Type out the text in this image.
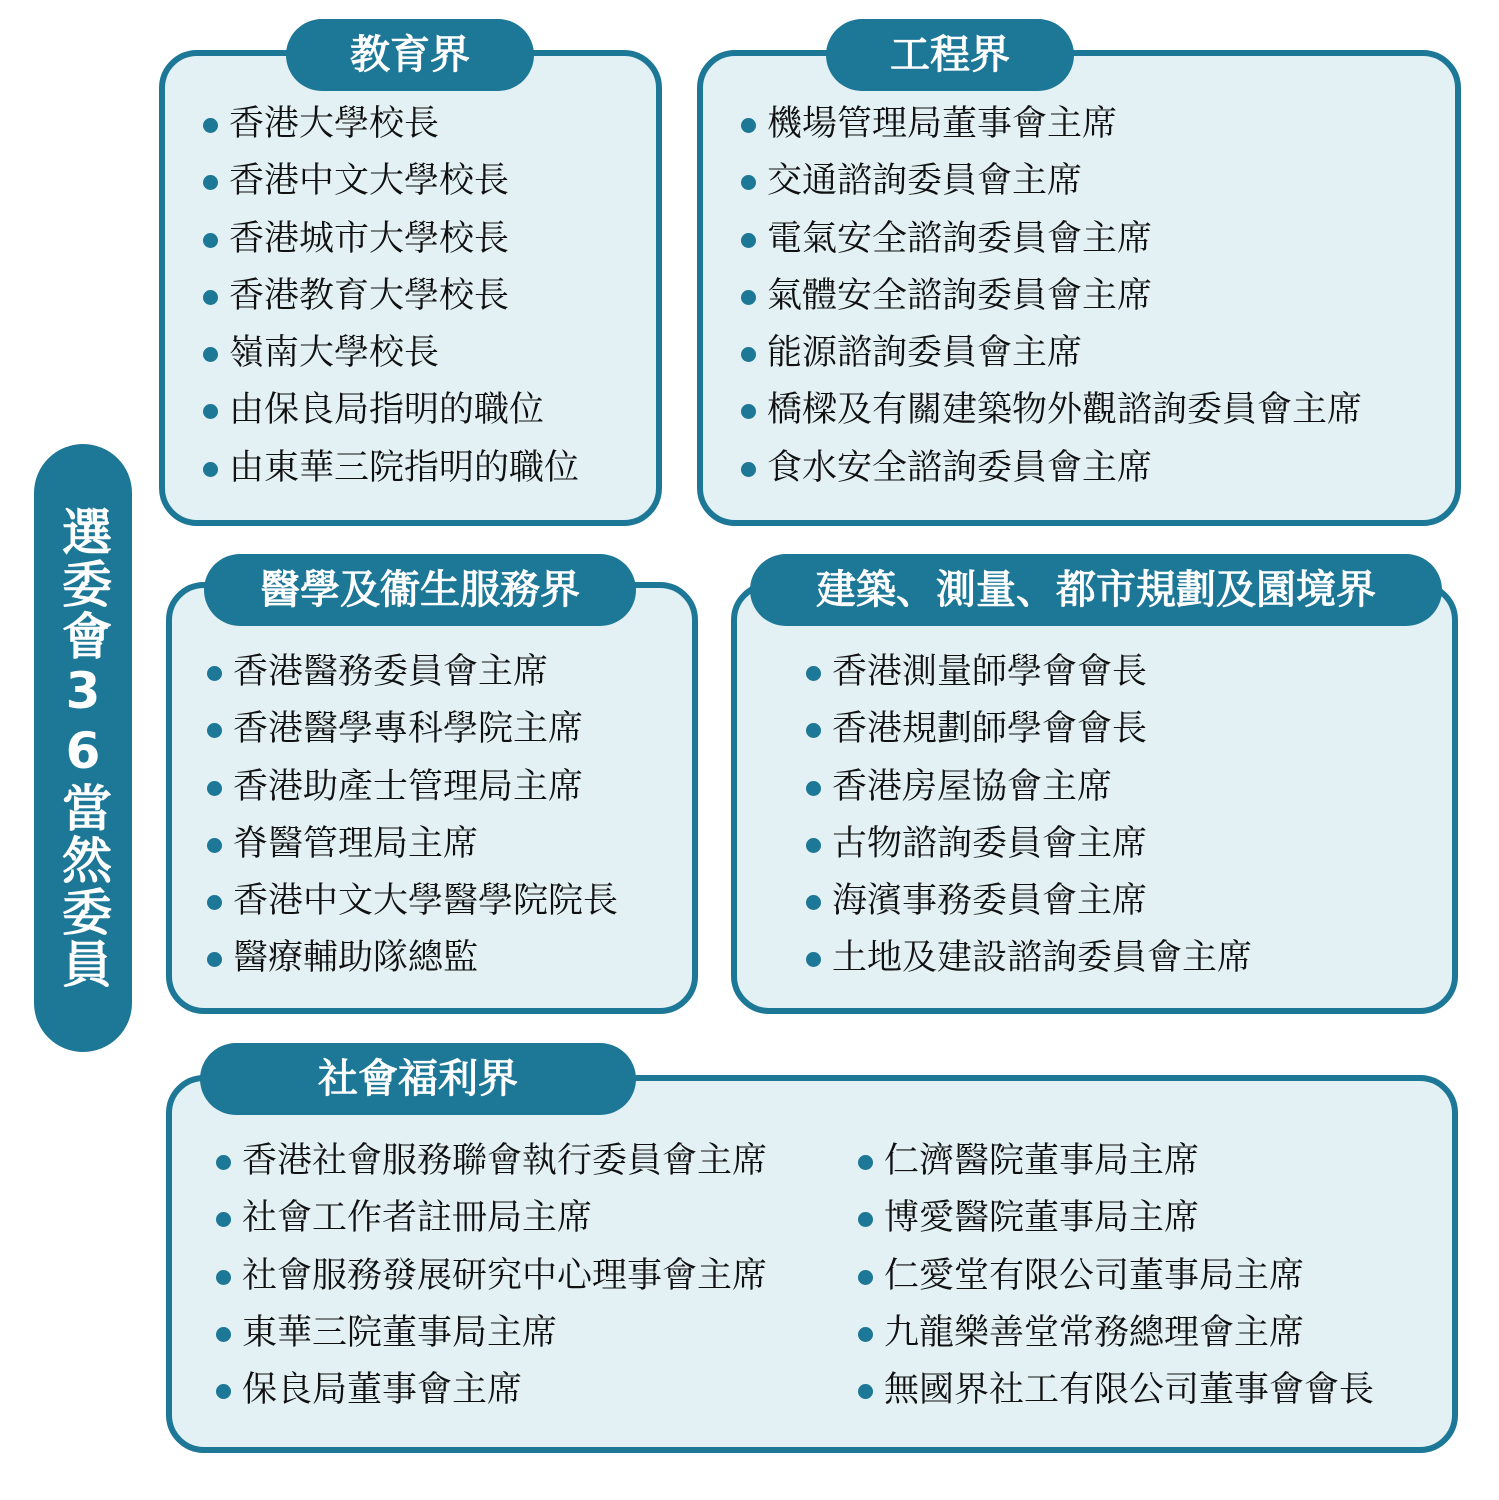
選委會36當然委員
教育界
香港大學校長
香港中文大學校長
香港城市大學校長
香港教育大學校長
嶺南大學校長
由保良局指明的職位
由東華三院指明的職位
工程界
機場管理局董事會主席
交通諮詢委員會主席
電氣安全諮詢委員會主席
氣體安全諮詢委員會主席
能源諮詢委員會主席
橋樑及有關建築物外觀諮詢委員會主席
食水安全諮詢委員會主席
醫學及衞生服務界
香港醫務委員會主席
香港醫學專科學院主席
香港助產士管理局主席
脊醫管理局主席
香港中文大學醫學院院長
醫療輔助隊總監
建築、測量、都市規劃及園境界
香港測量師學會會長
香港規劃師學會會長
香港房屋協會主席
古物諮詢委員會主席
海濱事務委員會主席
土地及建設諮詢委員會主席
社會福利界
香港社會服務聯會執行委員會主席
社會工作者註冊局主席
社會服務發展研究中心理事會主席
東華三院董事局主席
保良局董事會主席
仁濟醫院董事局主席
博愛醫院董事局主席
仁愛堂有限公司董事局主席
九龍樂善堂常務總理會主席
無國界社工有限公司董事會會長
